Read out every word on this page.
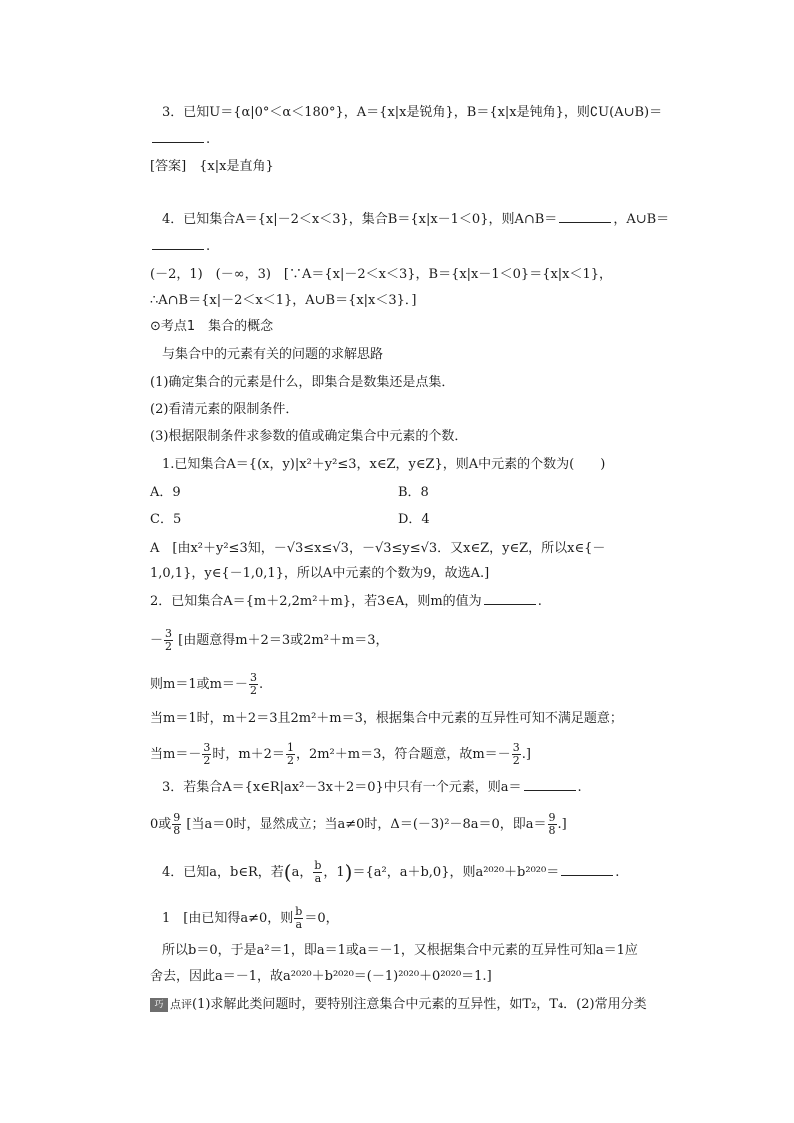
3．已知U＝{α|0°＜α＜180°}，A＝{x|x是锐角}，B＝{x|x是钝角}，则∁U(A∪B)＝
.
[答案]　{x|x是直角}
4．已知集合A＝{x|－2＜x＜3}，集合B＝{x|x－1＜0}，则A∩B＝	，A∪B＝
.
(－2，1)　(－∞，3)　[∵A＝{x|－2＜x＜3}，B＝{x|x－1＜0}＝{x|x＜1}，
∴A∩B＝{x|－2＜x＜1}，A∪B＝{x|x＜3}．]
⊙考点1　集合的概念
与集合中的元素有关的问题的求解思路
(1)确定集合的元素是什么，即集合是数集还是点集．
(2)看清元素的限制条件．
(3)根据限制条件求参数的值或确定集合中元素的个数．
1.已知集合A＝{(x，y)|x²＋y²≤3，x∈Z，y∈Z}，则A中元素的个数为(　　)
A．9	B．8
C．5	D．4
A　[由x²＋y²≤3知，－√3≤x≤√3，－√3≤y≤√3．又x∈Z，y∈Z，所以x∈{－
1,0,1}，y∈{－1,0,1}，所以A中元素的个数为9，故选A.]
2．已知集合A＝{m＋2,2m²＋m}，若3∈A，则m的值为	.
－ $\frac{3}{2}$ [由题意得m＋2＝3或2m²＋m＝3，
则m＝1或$m=- \frac{3}{2}$ .
当m＝1时，m＋2＝3且2m²＋m＝3，根据集合中元素的互异性可知不满足题意；
当$m=- \frac{3}{2}$ 时，$m+2= \frac{1}{2}$ ，2m²＋m＝3，符合题意，故$m=- \frac{3}{2}$ .]
3．若集合A＝{x∈R|ax²－3x＋2＝0}中只有一个元素，则a＝	.
0或 $\frac{9}{8}$ [当a＝0时，显然成立；当a≠0时，Δ＝(－3)²－8a＝0，即$a= \frac{9}{8}$ .]
4．已知a，b∈R，若(a， $\frac{b}{a}$ ，1)＝{a²，a＋b,0}，则a²⁰²⁰＋b²⁰²⁰＝	.
1　[由已知得a≠0，则 $\frac{b}{a} =0$，
所以b＝0，于是a²＝1，即a＝1或a＝－1，又根据集合中元素的互异性可知a＝1应
舍去，因此a＝－1，故a²⁰²⁰＋b²⁰²⁰＝(－1)²⁰²⁰＋0²⁰²⁰＝1.]
巧 点评(1)求解此类问题时，要特别注意集合中元素的互异性，如T₂，T₄．(2)常用分类
